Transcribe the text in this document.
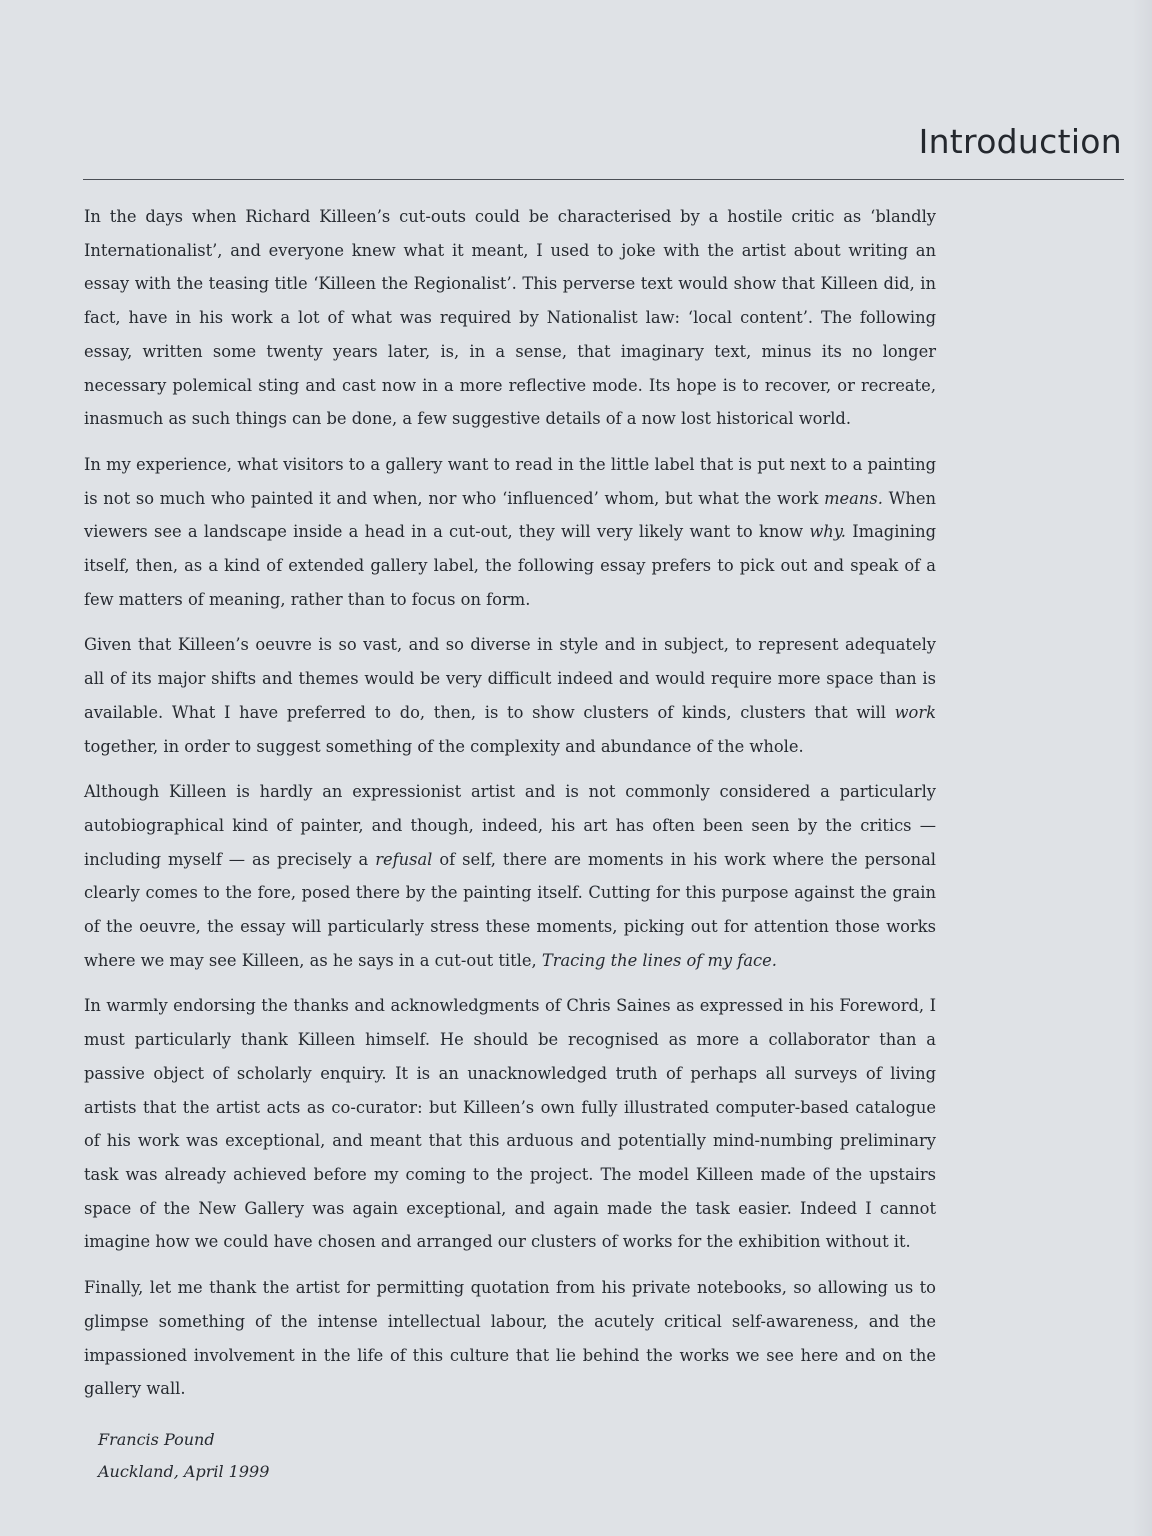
Introduction

In the days when Richard Killeen’s cut-outs could be characterised by a hostile critic as ‘blandly Internationalist’, and everyone knew what it meant, I used to joke with the artist about writing an essay with the teasing title ‘Killeen the Regionalist’. This perverse text would show that Killeen did, in fact, have in his work a lot of what was required by Nationalist law: ‘local content’. The following essay, written some twenty years later, is, in a sense, that imaginary text, minus its no longer necessary polemical sting and cast now in a more reflective mode. Its hope is to recover, or recreate, inasmuch as such things can be done, a few suggestive details of a now lost historical world.

In my experience, what visitors to a gallery want to read in the little label that is put next to a painting is not so much who painted it and when, nor who ‘influenced’ whom, but what the work means. When viewers see a landscape inside a head in a cut-out, they will very likely want to know why. Imagining itself, then, as a kind of extended gallery label, the following essay prefers to pick out and speak of a few matters of meaning, rather than to focus on form.

Given that Killeen’s oeuvre is so vast, and so diverse in style and in subject, to represent adequately all of its major shifts and themes would be very difficult indeed and would require more space than is available. What I have preferred to do, then, is to show clusters of kinds, clusters that will work together, in order to suggest something of the complexity and abundance of the whole.

Although Killeen is hardly an expressionist artist and is not commonly considered a particularly autobiographical kind of painter, and though, indeed, his art has often been seen by the critics — including myself — as precisely a refusal of self, there are moments in his work where the personal clearly comes to the fore, posed there by the painting itself. Cutting for this purpose against the grain of the oeuvre, the essay will particularly stress these moments, picking out for attention those works where we may see Killeen, as he says in a cut-out title, Tracing the lines of my face.

In warmly endorsing the thanks and acknowledgments of Chris Saines as expressed in his Foreword, I must particularly thank Killeen himself. He should be recognised as more a collaborator than a passive object of scholarly enquiry. It is an unacknowledged truth of perhaps all surveys of living artists that the artist acts as co-curator: but Killeen’s own fully illustrated computer-based catalogue of his work was exceptional, and meant that this arduous and potentially mind-numbing preliminary task was already achieved before my coming to the project. The model Killeen made of the upstairs space of the New Gallery was again exceptional, and again made the task easier. Indeed I cannot imagine how we could have chosen and arranged our clusters of works for the exhibition without it.

Finally, let me thank the artist for permitting quotation from his private notebooks, so allowing us to glimpse something of the intense intellectual labour, the acutely critical self-awareness, and the impassioned involvement in the life of this culture that lie behind the works we see here and on the gallery wall.

Francis Pound
Auckland, April 1999
